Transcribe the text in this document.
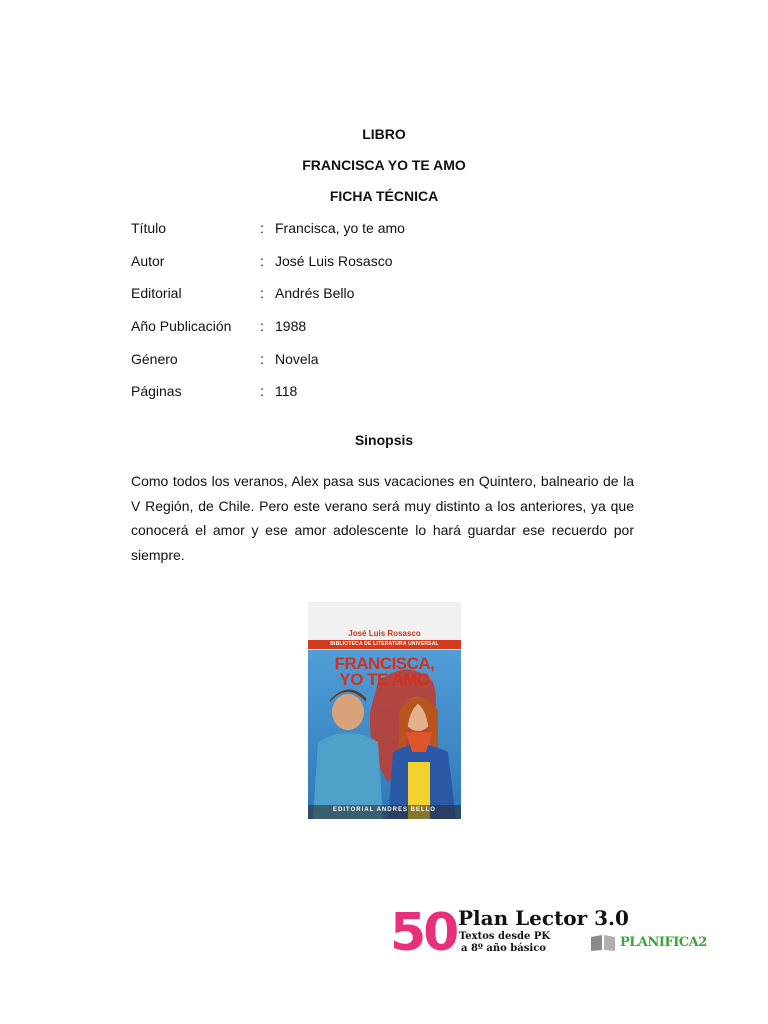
LIBRO
FRANCISCA YO TE AMO
FICHA TÉCNICA
Título	: Francisca, yo te amo
Autor	: José Luis Rosasco
Editorial	: Andrés Bello
Año Publicación : 1988
Género	: Novela
Páginas	: 118
Sinopsis
Como todos los veranos, Alex pasa sus vacaciones en Quintero, balneario de la V Región, de Chile. Pero este verano será muy distinto a los anteriores, ya que conocerá el amor y ese amor adolescente lo hará guardar ese recuerdo por siempre.
José Luis Rosasco
BIBLIOTECA DE LITERATURA UNIVERSAL
FRANCISCA,
YO TE AMO
EDITORIAL ANDRES BELLO
50 Plan Lector 3.0
Textos desde PK
a 8º año básico	PLANIFICA2
